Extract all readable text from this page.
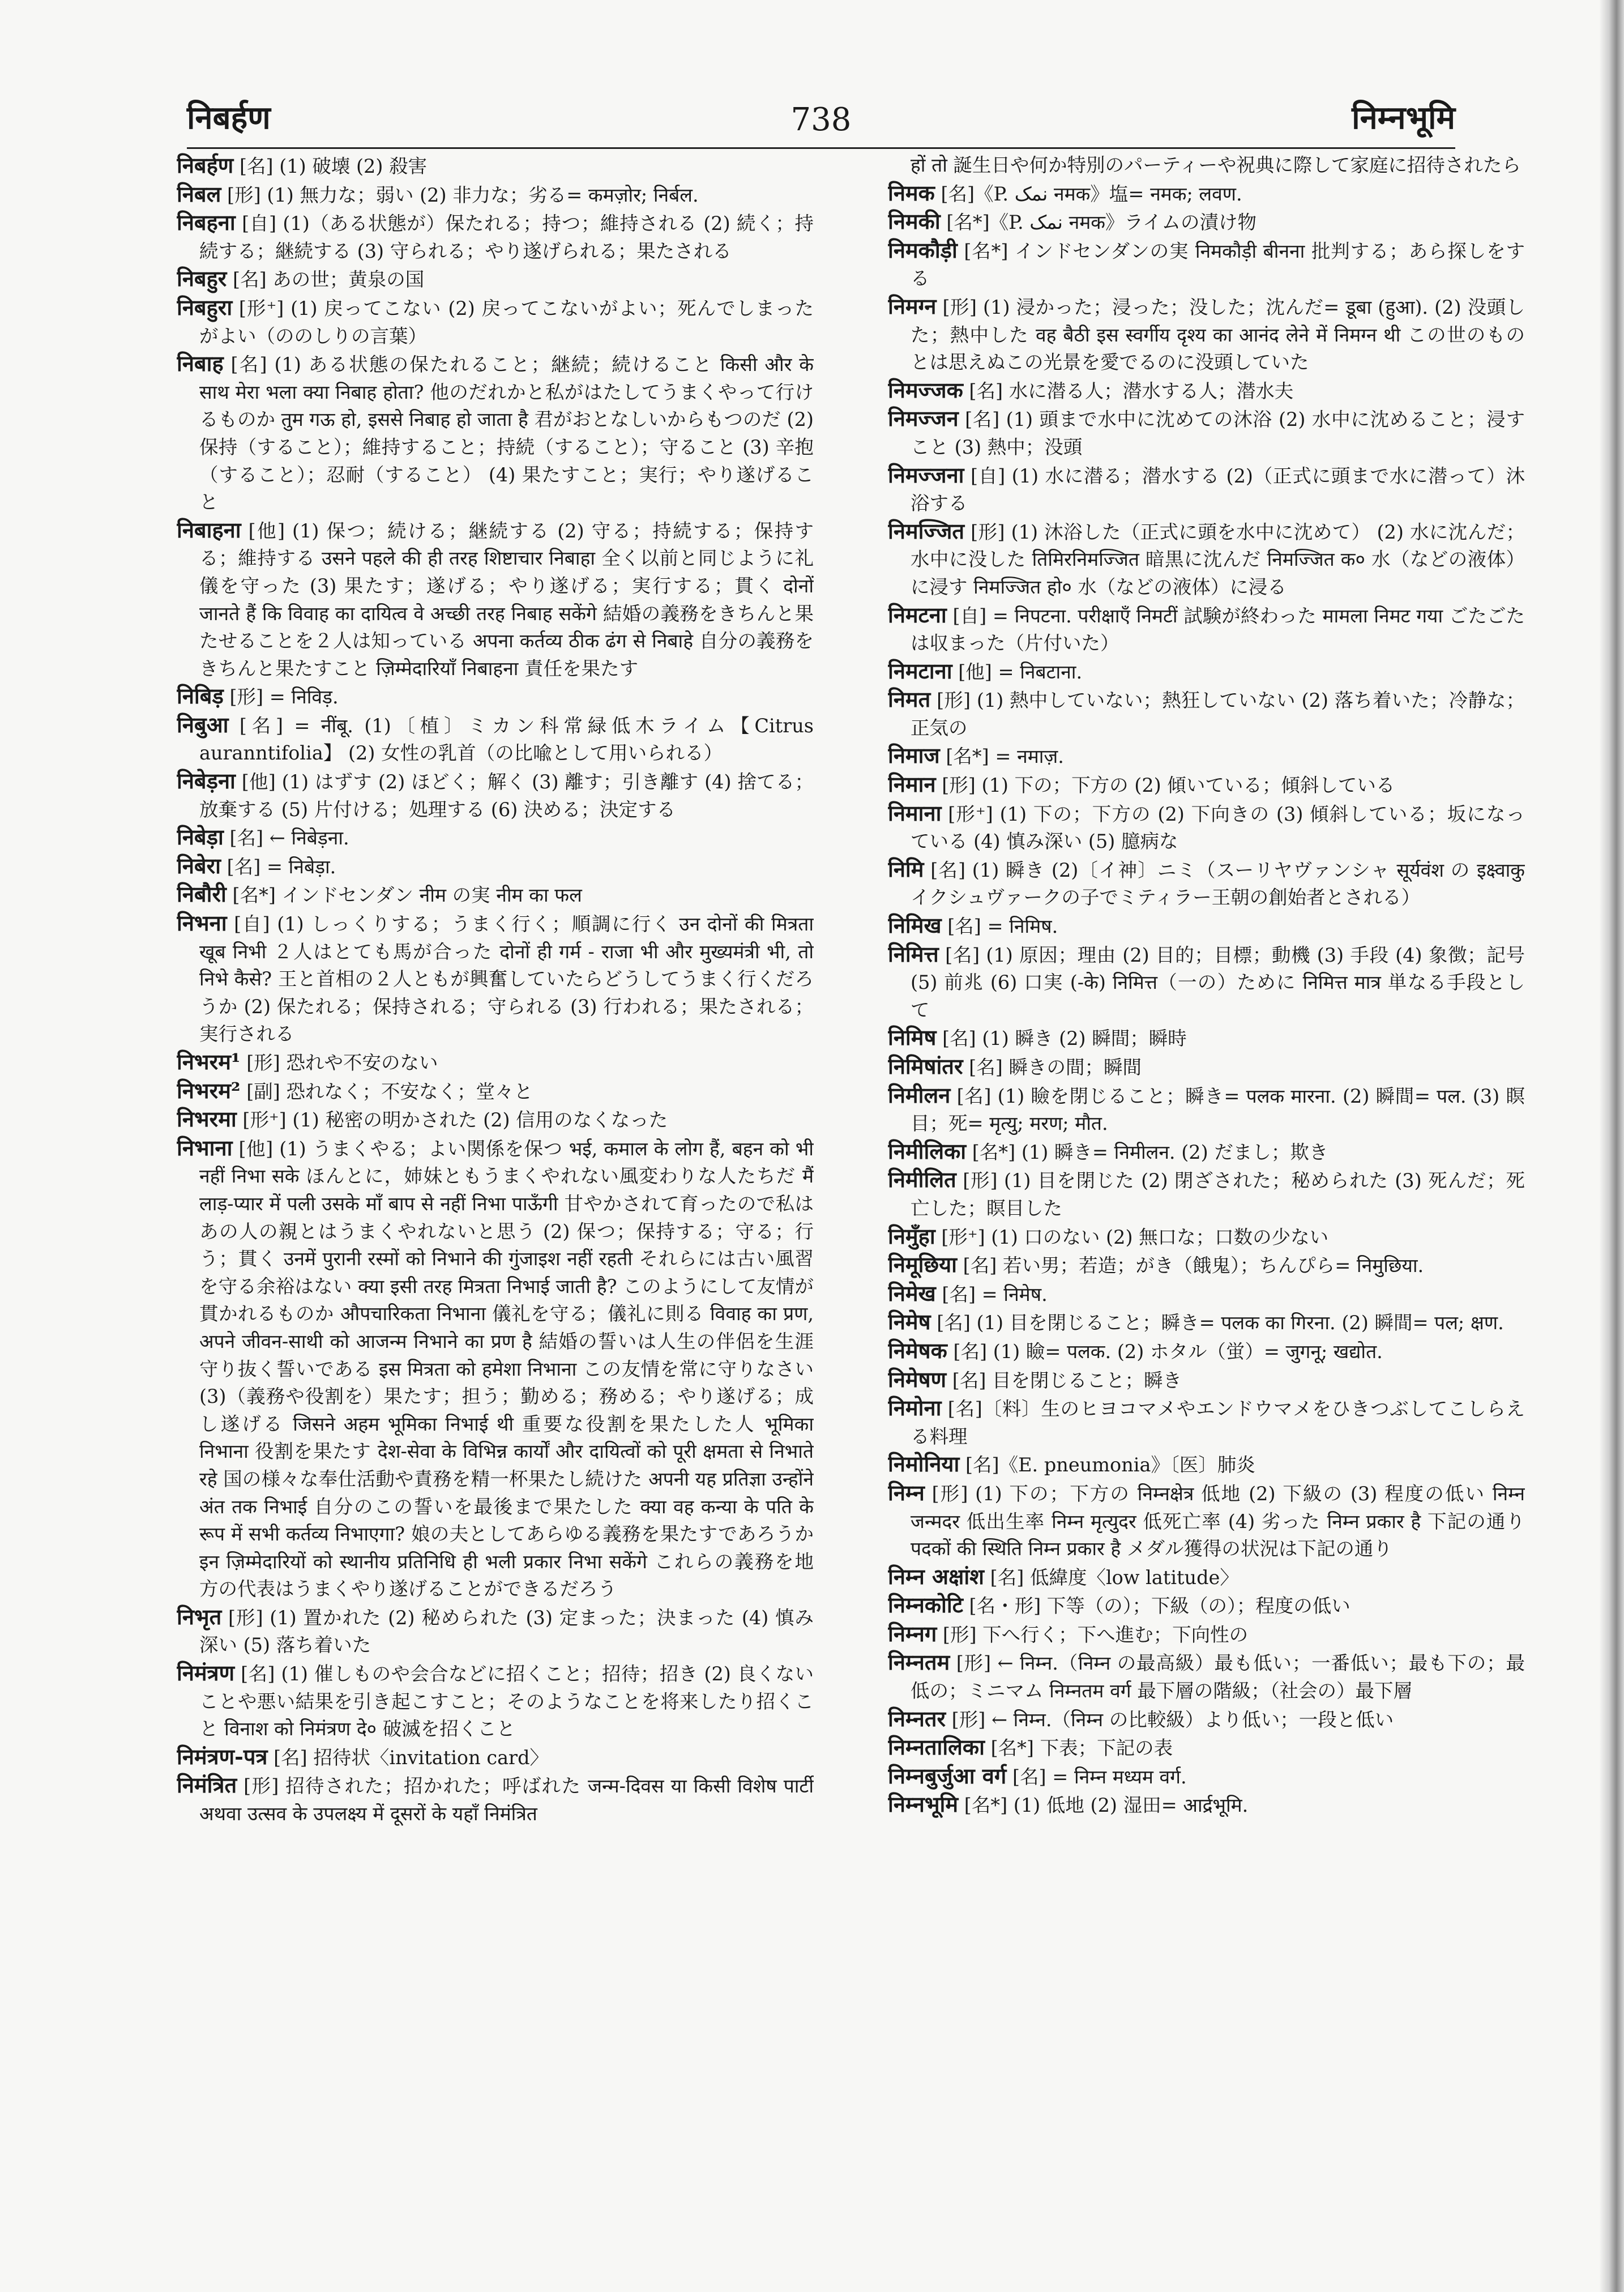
निबर्हण	738	निम्नभूमि

निबर्हण [名] (1) 破壊 (2) 殺害

निबल [形] (1) 無力な；弱い (2) 非力な；劣る= कमज़ोर; निर्बल.

निबहना [自] (1)（ある状態が）保たれる；持つ；維持される (2) 続く；持続する；継続する (3) 守られる；やり遂げられる；果たされる

निबहुर [名] あの世；黄泉の国

निबहुरा [形⁺] (1) 戻ってこない (2) 戻ってこないがよい；死んでしまったがよい（ののしりの言葉）

निबाह [名] (1) ある状態の保たれること；継続；続けること किसी और के साथ मेरा भला क्या निबाह होता? 他のだれかと私がはたしてうまくやって行けるものか तुम गऊ हो, इससे निबाह हो जाता है 君がおとなしいからもつのだ (2) 保持（すること）；維持すること；持続（すること）；守ること (3) 辛抱（すること）；忍耐（すること） (4) 果たすこと；実行；やり遂げること

निबाहना [他] (1) 保つ；続ける；継続する (2) 守る；持続する；保持する；維持する उसने पहले की ही तरह शिष्टाचार निबाहा 全く以前と同じように礼儀を守った (3) 果たす；遂げる；やり遂げる；実行する；貫く दोनों जानते हैं कि विवाह का दायित्व वे अच्छी तरह निबाह सकेंगे 結婚の義務をきちんと果たせることを２人は知っている अपना कर्तव्य ठीक ढंग से निबाहे 自分の義務をきちんと果たすこと ज़िम्मेदारियाँ निबाहना 責任を果たす

निबिड़ [形] = निविड़.

निबुआ [名] = नींबू. (1)〔植〕ミカン科常緑低木ライム【Citrus auranntifolia】 (2) 女性の乳首（の比喩として用いられる）

निबेड़ना [他] (1) はずす (2) ほどく；解く (3) 離す；引き離す (4) 捨てる；放棄する (5) 片付ける；処理する (6) 決める；決定する

निबेड़ा [名] ← निबेड़ना.

निबेरा [名] = निबेड़ा.

निबौरी [名*] インドセンダン नीम の実 नीम का फल

निभना [自] (1) しっくりする；うまく行く；順調に行く उन दोनों की मित्रता खूब निभी ２人はとても馬が合った दोनों ही गर्म - राजा भी और मुख्यमंत्री भी, तो निभे कैसे? 王と首相の２人ともが興奮していたらどうしてうまく行くだろうか (2) 保たれる；保持される；守られる (3) 行われる；果たされる；実行される

निभरम¹ [形] 恐れや不安のない

निभरम² [副] 恐れなく；不安なく；堂々と

निभरमा [形⁺] (1) 秘密の明かされた (2) 信用のなくなった

निभाना [他] (1) うまくやる；よい関係を保つ भई, कमाल के लोग हैं, बहन को भी नहीं निभा सके ほんとに，姉妹ともうまくやれない風変わりな人たちだ मैं लाड़-प्यार में पली उसके माँ बाप से नहीं निभा पाऊँगी 甘やかされて育ったので私はあの人の親とはうまくやれないと思う (2) 保つ；保持する；守る；行う；貫く उनमें पुरानी रस्मों को निभाने की गुंजाइश नहीं रहती それらには古い風習を守る余裕はない क्या इसी तरह मित्रता निभाई जाती है? このようにして友情が貫かれるものか औपचारिकता निभाना 儀礼を守る；儀礼に則る विवाह का प्रण, अपने जीवन-साथी को आजन्म निभाने का प्रण है 結婚の誓いは人生の伴侶を生涯守り抜く誓いである इस मित्रता को हमेशा निभाना この友情を常に守りなさい (3)（義務や役割を）果たす；担う；勤める；務める；やり遂げる；成し遂げる जिसने अहम भूमिका निभाई थी 重要な役割を果たした人 भूमिका निभाना 役割を果たす देश-सेवा के विभिन्न कार्यों और दायित्वों को पूरी क्षमता से निभाते रहे 国の様々な奉仕活動や責務を精一杯果たし続けた अपनी यह प्रतिज्ञा उन्होंने अंत तक निभाई 自分のこの誓いを最後まで果たした क्या वह कन्या के पति के रूप में सभी कर्तव्य निभाएगा? 娘の夫としてあらゆる義務を果たすであろうか इन ज़िम्मेदारियों को स्थानीय प्रतिनिधि ही भली प्रकार निभा सकेंगे これらの義務を地方の代表はうまくやり遂げることができるだろう

निभृत [形] (1) 置かれた (2) 秘められた (3) 定まった；決まった (4) 慎み深い (5) 落ち着いた

निमंत्रण [名] (1) 催しものや会合などに招くこと；招待；招き (2) 良くないことや悪い結果を引き起こすこと；そのようなことを将来したり招くこと विनाश को निमंत्रण दे० 破滅を招くこと

निमंत्रण-पत्र [名] 招待状〈invitation card〉

निमंत्रित [形] 招待された；招かれた；呼ばれた जन्म-दिवस या किसी विशेष पार्टी अथवा उत्सव के उपलक्ष्य में दूसरों के यहाँ निमंत्रित

हों तो 誕生日や何か特別のパーティーや祝典に際して家庭に招待されたら

निमक [名]《P. نمک नमक》塩= नमक; लवण.

निमकी [名*]《P. نمک नमक》ライムの漬け物

निमकौड़ी [名*] インドセンダンの実 निमकौड़ी बीनना 批判する；あら探しをする

निमग्न [形] (1) 浸かった；浸った；没した；沈んだ= डूबा (हुआ). (2) 没頭した；熱中した वह बैठी इस स्वर्गीय दृश्य का आनंद लेने में निमग्न थी この世のものとは思えぬこの光景を愛でるのに没頭していた

निमज्जक [名] 水に潜る人；潜水する人；潜水夫

निमज्जन [名] (1) 頭まで水中に沈めての沐浴 (2) 水中に沈めること；浸すこと (3) 熱中；没頭

निमज्जना [自] (1) 水に潜る；潜水する (2)（正式に頭まで水に潜って）沐浴する

निमज्जित [形] (1) 沐浴した（正式に頭を水中に沈めて） (2) 水に沈んだ；水中に没した तिमिरनिमज्जित 暗黒に沈んだ निमज्जित क० 水（などの液体）に浸す निमज्जित हो० 水（などの液体）に浸る

निमटना [自] = निपटना. परीक्षाएँ निमटीं 試験が終わった मामला निमट गया ごたごたは収まった（片付いた）

निमटाना [他] = निबटाना.

निमत [形] (1) 熱中していない；熱狂していない (2) 落ち着いた；冷静な；正気の

निमाज [名*] = नमाज़.

निमान [形] (1) 下の；下方の (2) 傾いている；傾斜している

निमाना [形⁺] (1) 下の；下方の (2) 下向きの (3) 傾斜している；坂になっている (4) 慎み深い (5) 臆病な

निमि [名] (1) 瞬き (2)〔イ神〕ニミ（スーリヤヴァンシャ सूर्यवंश の इक्ष्वाकु イクシュヴァークの子でミティラー王朝の創始者とされる）

निमिख [名] = निमिष.

निमित्त [名] (1) 原因；理由 (2) 目的；目標；動機 (3) 手段 (4) 象徴；記号 (5) 前兆 (6) 口実 (-के) निमित्त（一の）ために निमित्त मात्र 単なる手段として

निमिष [名] (1) 瞬き (2) 瞬間；瞬時

निमिषांतर [名] 瞬きの間；瞬間

निमीलन [名] (1) 瞼を閉じること；瞬き= पलक मारना. (2) 瞬間= पल. (3) 瞑目；死= मृत्यु; मरण; मौत.

निमीलिका [名*] (1) 瞬き= निमीलन. (2) だまし；欺き

निमीलित [形] (1) 目を閉じた (2) 閉ざされた；秘められた (3) 死んだ；死亡した；瞑目した

निमुँहा [形⁺] (1) 口のない (2) 無口な；口数の少ない

निमूछिया [名] 若い男；若造；がき（餓鬼）；ちんぴら= निमुछिया.

निमेख [名] = निमेष.

निमेष [名] (1) 目を閉じること；瞬き= पलक का गिरना. (2) 瞬間= पल; क्षण.

निमेषक [名] (1) 瞼= पलक. (2) ホタル（蛍）= जुगनू; खद्योत.

निमेषण [名] 目を閉じること；瞬き

निमोना [名]〔料〕生のヒヨコマメやエンドウマメをひきつぶしてこしらえる料理

निमोनिया [名]《E. pneumonia》〔医〕肺炎

निम्न [形] (1) 下の；下方の निम्नक्षेत्र 低地 (2) 下級の (3) 程度の低い निम्न जन्मदर 低出生率 निम्न मृत्युदर 低死亡率 (4) 劣った निम्न प्रकार है 下記の通り पदकों की स्थिति निम्न प्रकार है メダル獲得の状況は下記の通り

निम्न अक्षांश [名] 低緯度〈low latitude〉

निम्नकोटि [名・形] 下等（の）；下級（の）；程度の低い

निम्नग [形] 下へ行く；下へ進む；下向性の

निम्नतम [形] ← निम्न.（निम्न の最高級）最も低い；一番低い；最も下の；最低の；ミニマム निम्नतम वर्ग 最下層の階級；（社会の）最下層

निम्नतर [形] ← निम्न.（निम्न の比較級）より低い；一段と低い

निम्नतालिका [名*] 下表；下記の表

निम्नबुर्जुआ वर्ग [名] = निम्न मध्यम वर्ग.

निम्नभूमि [名*] (1) 低地 (2) 湿田= आर्द्रभूमि.
